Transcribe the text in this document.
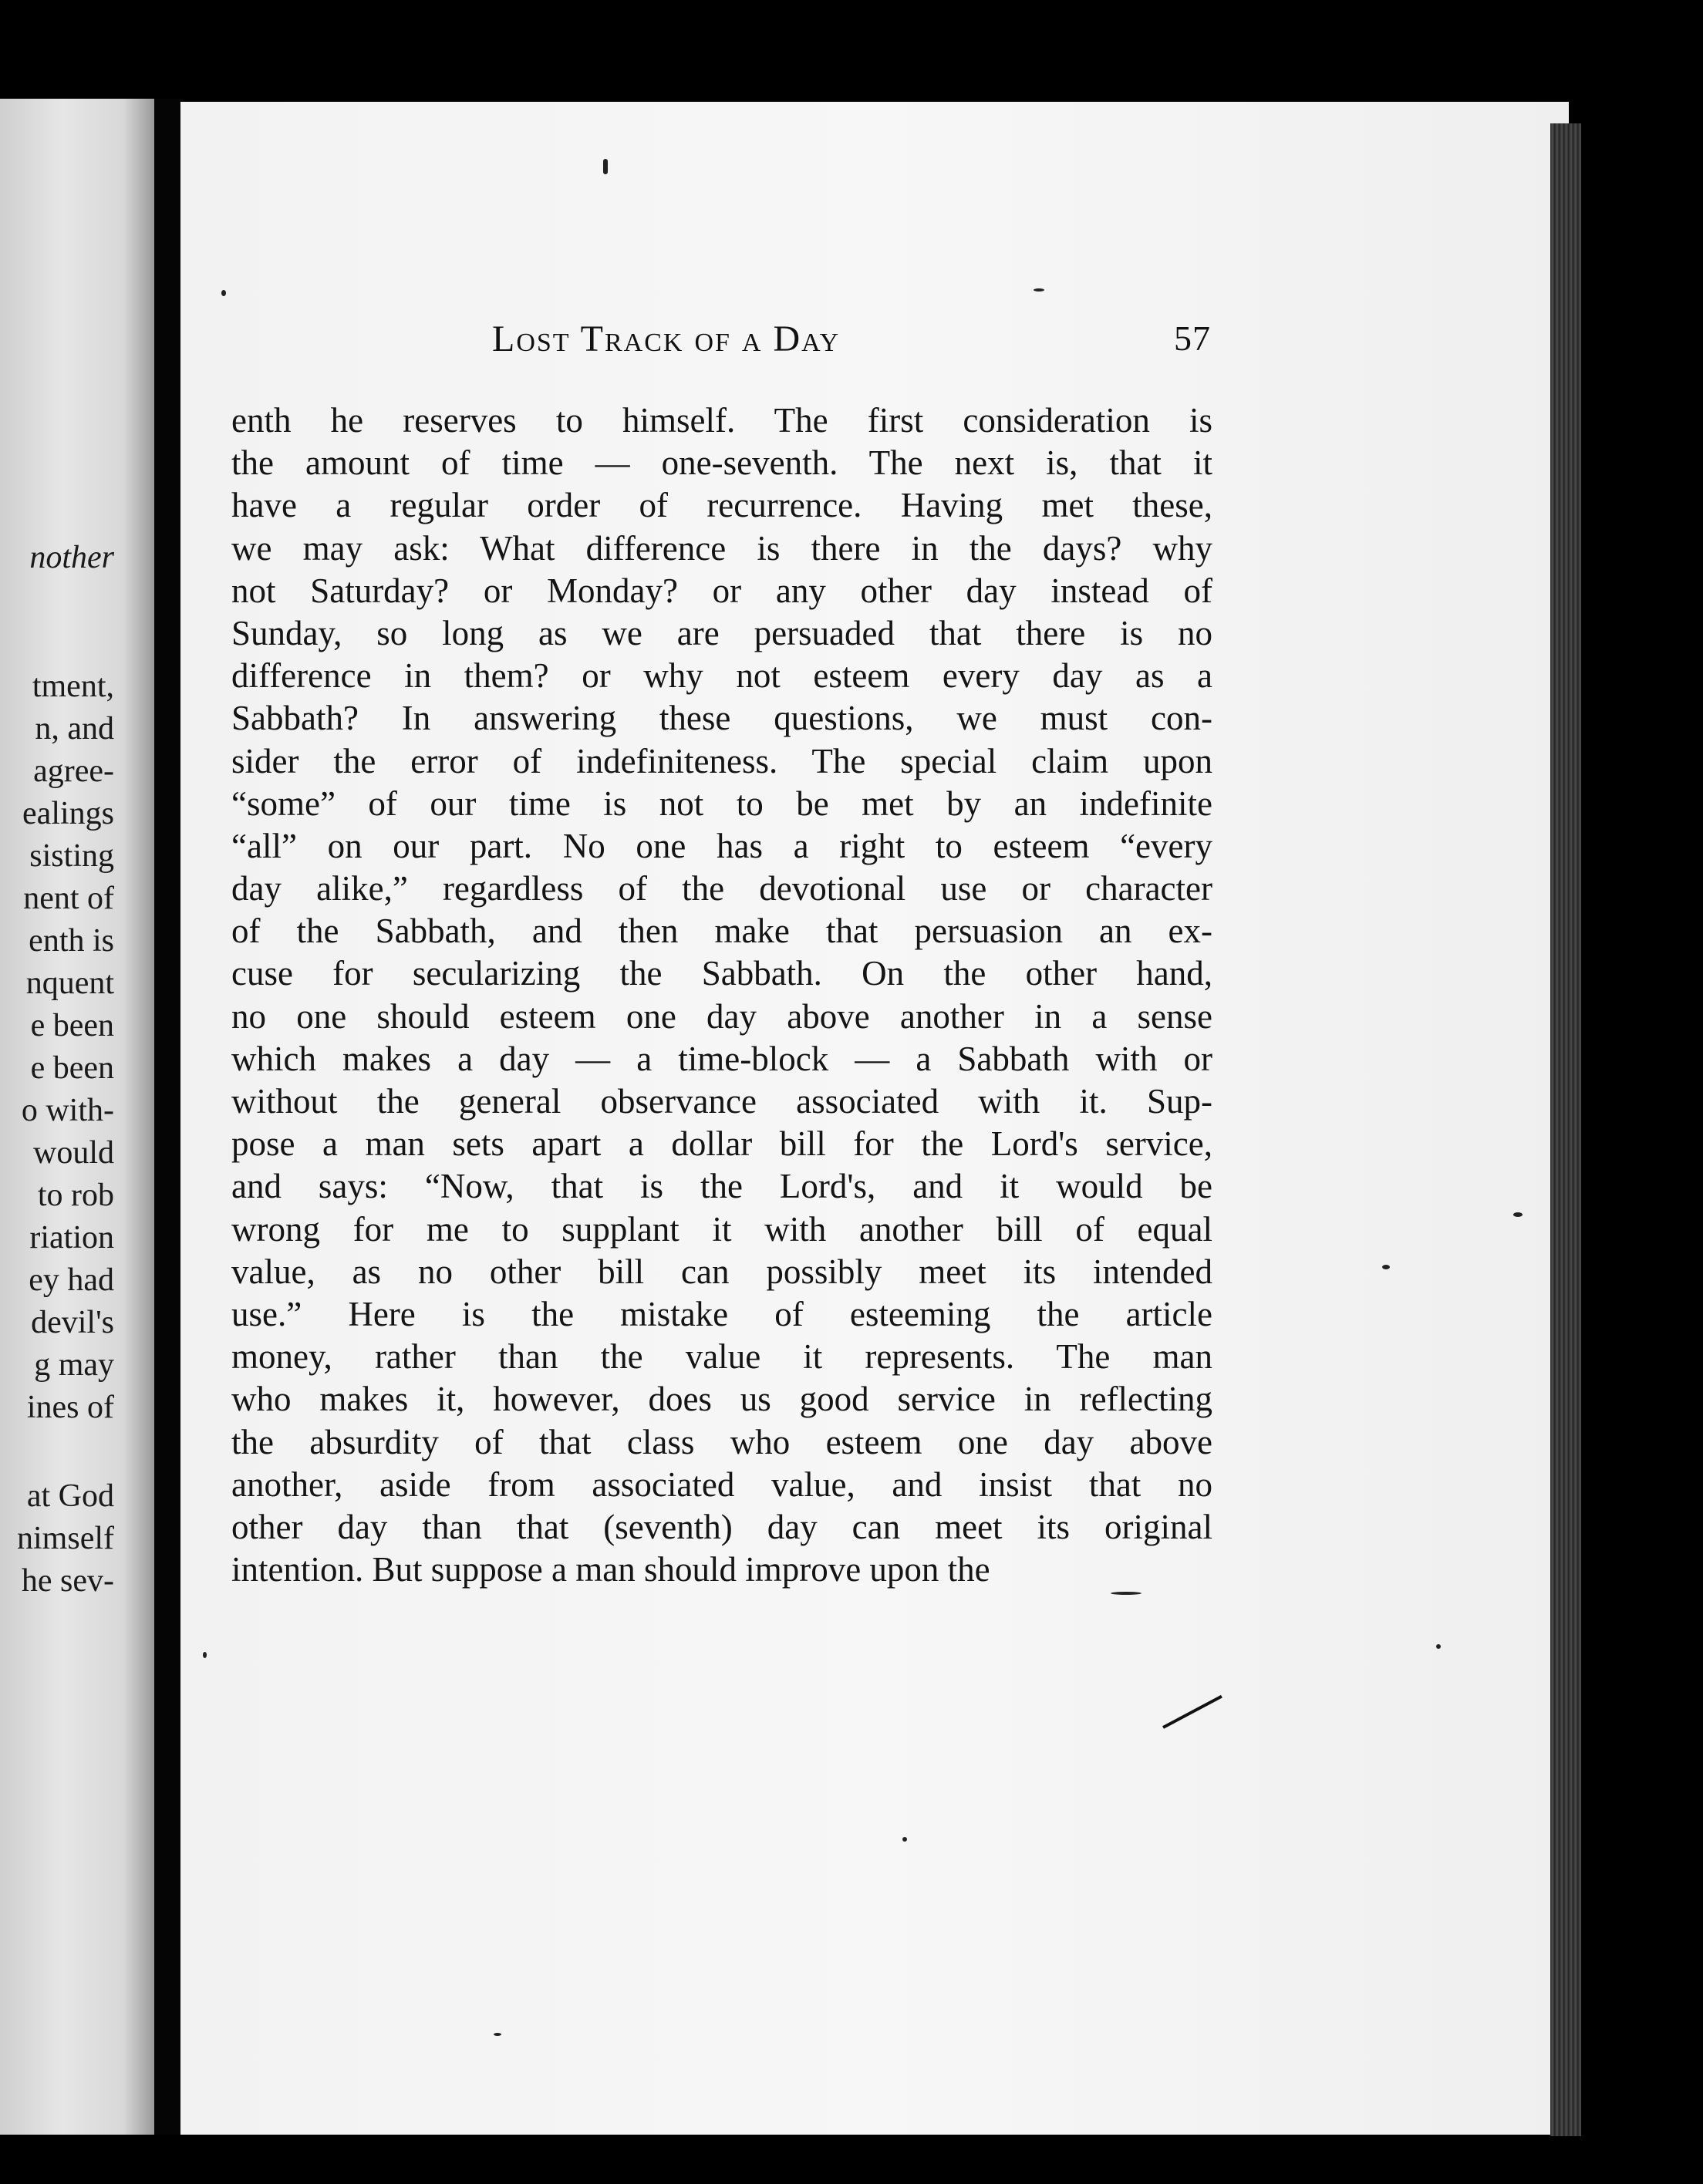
nother
tment,
n, and
agree-
ealings
sisting
nent of
enth is
nquent
e been
e been
o with-
would
to rob
riation
ey had
devil's
g may
ines of
at God
nimself
he sev-
Lost Track of a Day	57
enth he reserves to himself. The first consideration is
the amount of time — one-seventh. The next is, that it
have a regular order of recurrence. Having met these,
we may ask: What difference is there in the days? why
not Saturday? or Monday? or any other day instead of
Sunday, so long as we are persuaded that there is no
difference in them? or why not esteem every day as a
Sabbath? In answering these questions, we must con-
sider the error of indefiniteness. The special claim upon
“some” of our time is not to be met by an indefinite
“all” on our part. No one has a right to esteem “every
day alike,” regardless of the devotional use or character
of the Sabbath, and then make that persuasion an ex-
cuse for secularizing the Sabbath. On the other hand,
no one should esteem one day above another in a sense
which makes a day — a time-block — a Sabbath with or
without the general observance associated with it. Sup-
pose a man sets apart a dollar bill for the Lord's service,
and says: “Now, that is the Lord's, and it would be
wrong for me to supplant it with another bill of equal
value, as no other bill can possibly meet its intended
use.” Here is the mistake of esteeming the article
money, rather than the value it represents. The man
who makes it, however, does us good service in reflecting
the absurdity of that class who esteem one day above
another, aside from associated value, and insist that no
other day than that (seventh) day can meet its original
intention. But suppose a man should improve upon the
